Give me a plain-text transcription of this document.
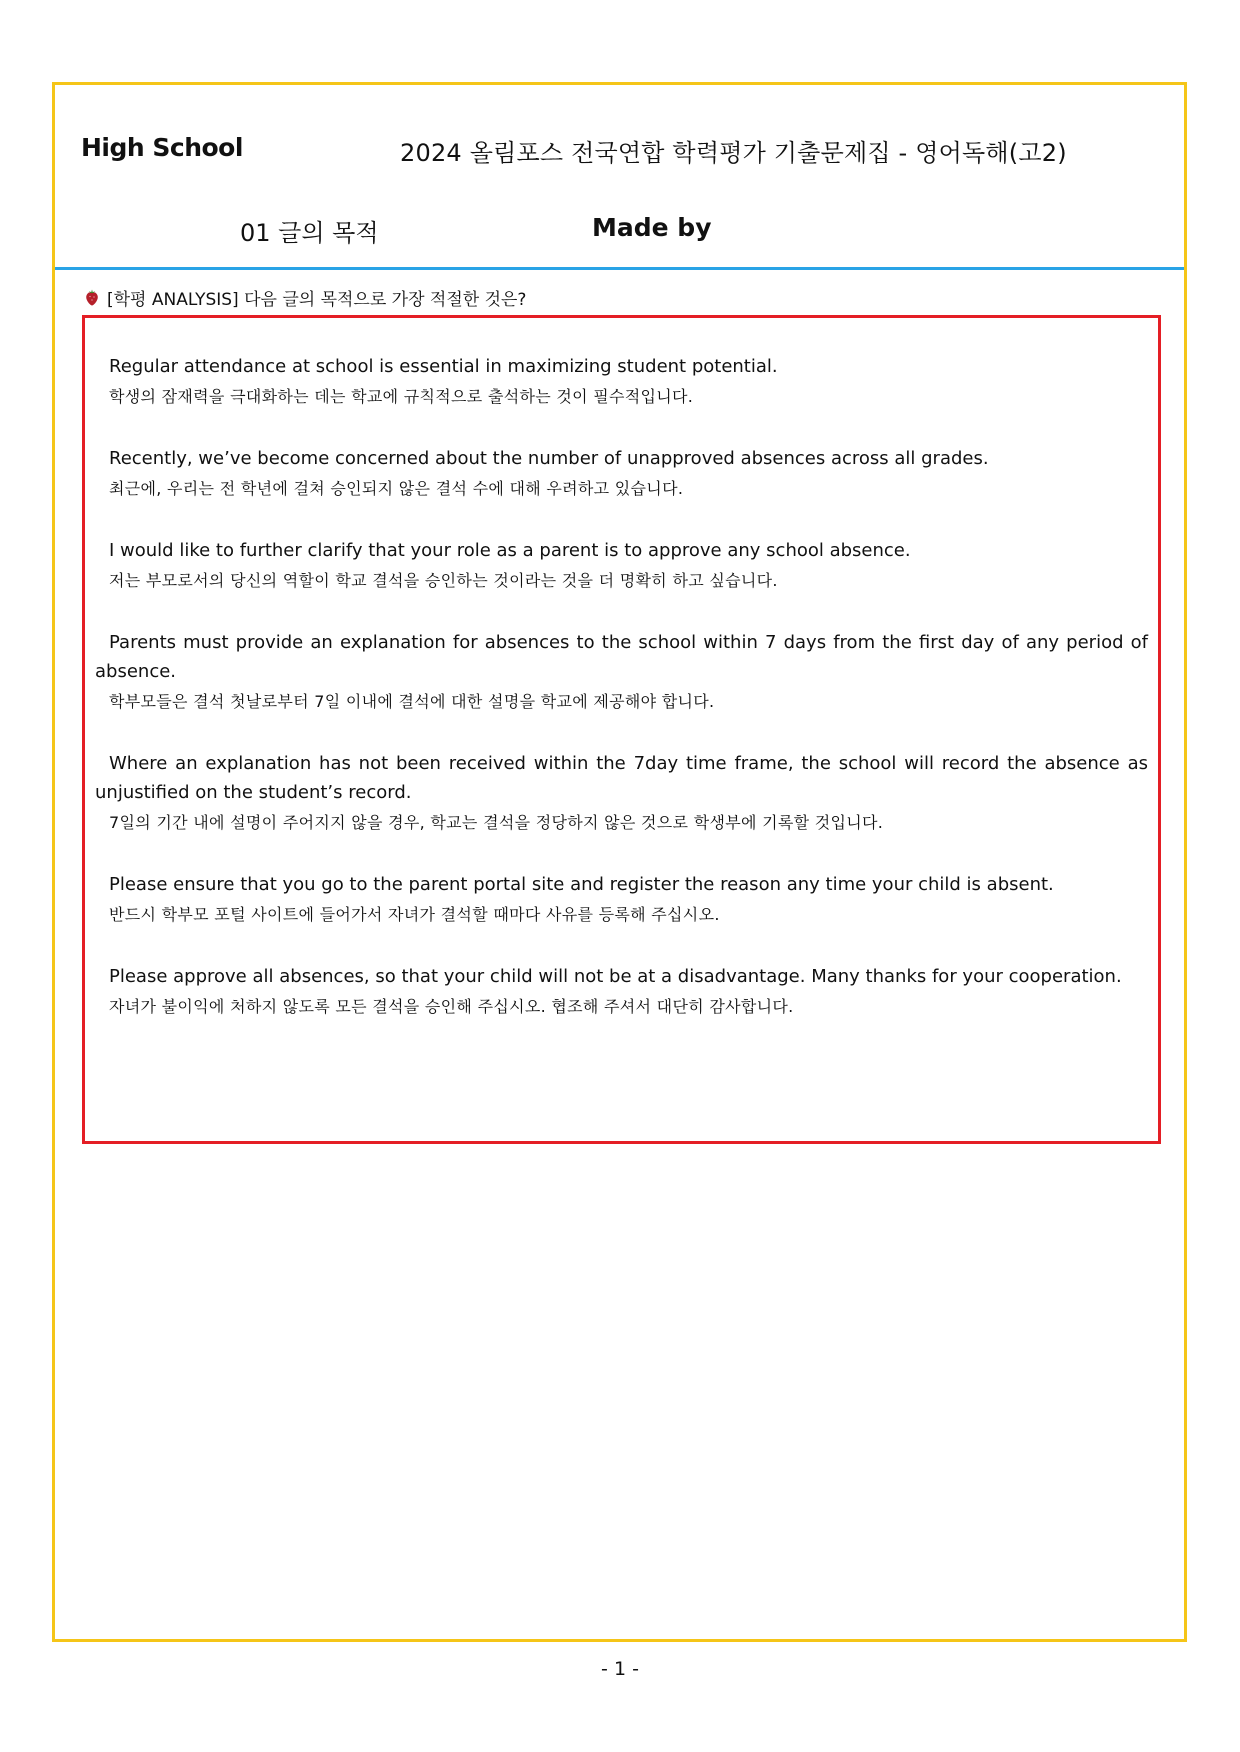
High School	2024 올림포스 전국연합 학력평가 기출문제집 - 영어독해(고2)
01 글의 목적	Made by
[학평 ANALYSIS] 다음 글의 목적으로 가장 적절한 것은?

Regular attendance at school is essential in maximizing student potential.

학생의 잠재력을 극대화하는 데는 학교에 규칙적으로 출석하는 것이 필수적입니다.

Recently, we’ve become concerned about the number of unapproved absences across all grades.

최근에, 우리는 전 학년에 걸쳐 승인되지 않은 결석 수에 대해 우려하고 있습니다.

I would like to further clarify that your role as a parent is to approve any school absence.

저는 부모로서의 당신의 역할이 학교 결석을 승인하는 것이라는 것을 더 명확히 하고 싶습니다.

Parents must provide an explanation for absences to the school within 7 days from the first day of any period of absence.

학부모들은 결석 첫날로부터 7일 이내에 결석에 대한 설명을 학교에 제공해야 합니다.

Where an explanation has not been received within the 7day time frame, the school will record the absence as unjustified on the student’s record.

7일의 기간 내에 설명이 주어지지 않을 경우, 학교는 결석을 정당하지 않은 것으로 학생부에 기록할 것입니다.

Please ensure that you go to the parent portal site and register the reason any time your child is absent.

반드시 학부모 포털 사이트에 들어가서 자녀가 결석할 때마다 사유를 등록해 주십시오.

Please approve all absences, so that your child will not be at a disadvantage. Many thanks for your cooperation.

자녀가 불이익에 처하지 않도록 모든 결석을 승인해 주십시오. 협조해 주셔서 대단히 감사합니다.

- 1 -
